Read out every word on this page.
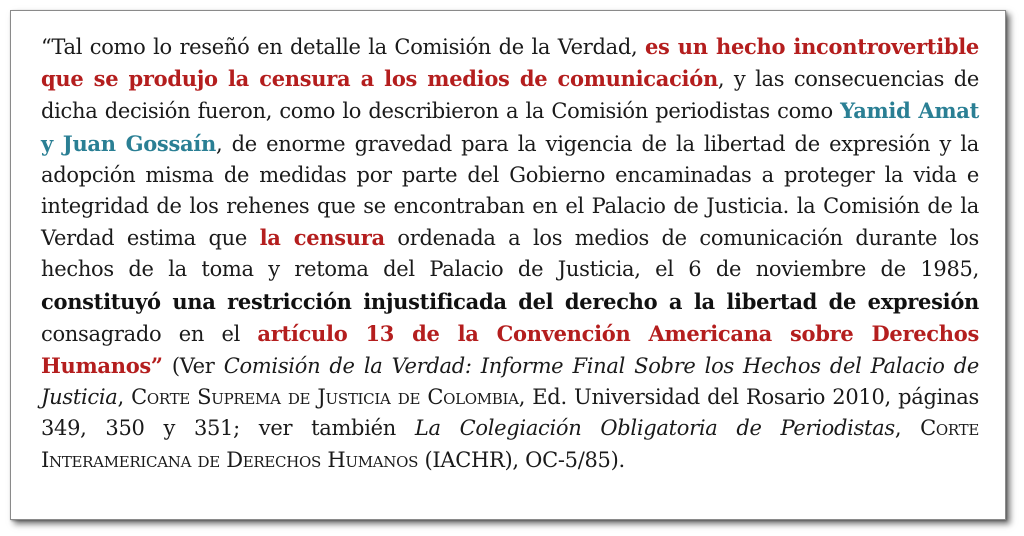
“Tal como lo reseñó en detalle la Comisión de la Verdad, es un hecho incontrovertible que se produjo la censura a los medios de comunicación, y las consecuencias de dicha decisión fueron, como lo describieron a la Comisión periodistas como Yamid Amat y Juan Gossaín, de enorme gravedad para la vigencia de la libertad de expresión y la adopción misma de medidas por parte del Gobierno encaminadas a proteger la vida e integridad de los rehenes que se encontraban en el Palacio de Justicia. la Comisión de la Verdad estima que la censura ordenada a los medios de comunicación durante los hechos de la toma y retoma del Palacio de Justicia, el 6 de noviembre de 1985, constituyó una restricción injustificada del derecho a la libertad de expresión consagrado en el artículo 13 de la Convención Americana sobre Derechos Humanos” (Ver Comisión de la Verdad: Informe Final Sobre los Hechos del Palacio de Justicia, Corte Suprema de Justicia de Colombia, Ed. Universidad del Rosario 2010, páginas 349, 350 y 351; ver también La Colegiación Obligatoria de Periodistas, Corte Interamericana de Derechos Humanos (IACHR), OC-5/85).
